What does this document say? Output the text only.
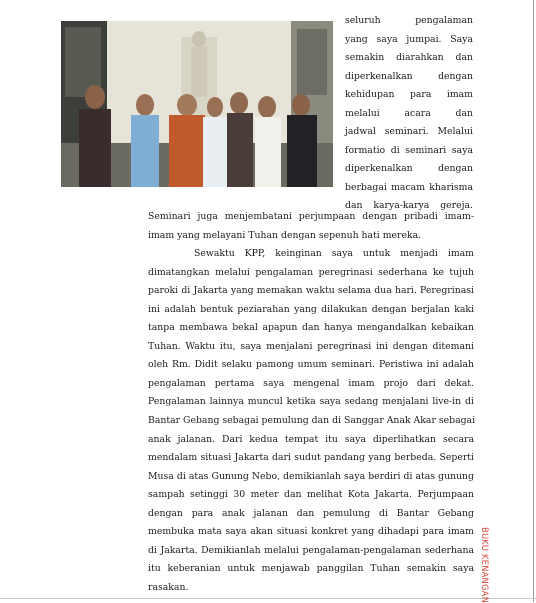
seluruh pengalaman
yang saya jumpai. Saya
semakin diarahkan dan
diperkenalkan dengan
kehidupan para imam
melalui acara dan
jadwal seminari. Melalui
formatio di seminari saya
diperkenalkan dengan
berbagai macam kharisma
dan karya-karya gereja.
Seminari juga menjembatani perjumpaan dengan pribadi imam-
imam yang melayani Tuhan dengan sepenuh hati mereka.
Sewaktu KPP, keinginan saya untuk menjadi imam
dimatangkan melalui pengalaman peregrinasi sederhana ke tujuh
paroki di Jakarta yang memakan waktu selama dua hari. Peregrinasi
ini adalah bentuk peziarahan yang dilakukan dengan berjalan kaki
tanpa membawa bekal apapun dan hanya mengandalkan kebaikan
Tuhan. Waktu itu, saya menjalani peregrinasi ini dengan ditemani
oleh Rm. Didit selaku pamong umum seminari. Peristiwa ini adalah
pengalaman pertama saya mengenal imam projo dari dekat.
Pengalaman lainnya muncul ketika saya sedang menjalani live-in di
Bantar Gebang sebagai pemulung dan di Sanggar Anak Akar sebagai
anak jalanan. Dari kedua tempat itu saya diperlihatkan secara
mendalam situasi Jakarta dari sudut pandang yang berbeda. Seperti
Musa di atas Gunung Nebo, demikianlah saya berdiri di atas gunung
sampah setinggi 30 meter dan melihat Kota Jakarta. Perjumpaan
dengan para anak jalanan dan pemulung di Bantar Gebang
membuka mata saya akan situasi konkret yang dihadapi para imam
di Jakarta. Demikianlah melalui pengalaman-pengalaman sederhana
itu keberanian untuk menjawab panggilan Tuhan semakin saya
rasakan.	BUKU KENANGAN
